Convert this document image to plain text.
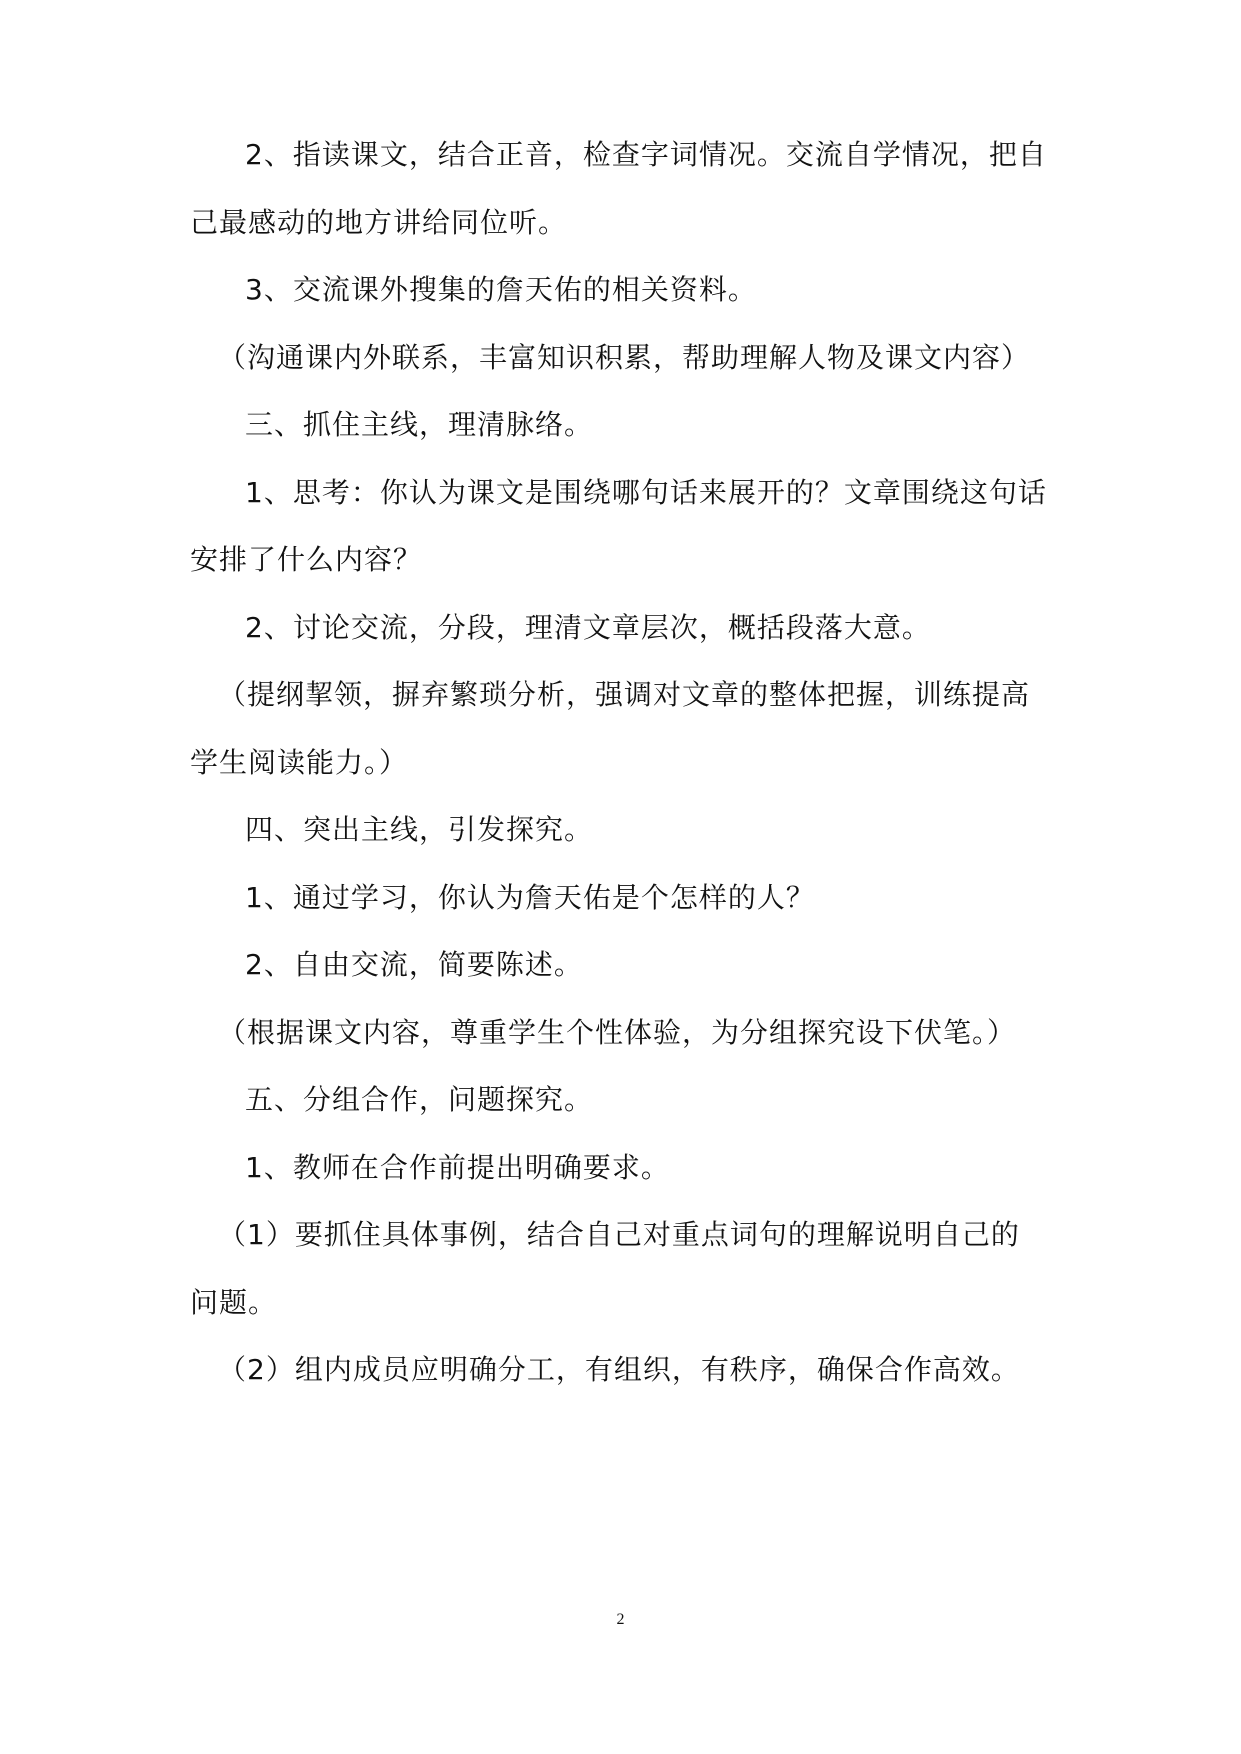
2、指读课文，结合正音，检查字词情况。交流自学情况，把自
己最感动的地方讲给同位听。
3、交流课外搜集的詹天佑的相关资料。
（沟通课内外联系，丰富知识积累，帮助理解人物及课文内容）
三、抓住主线，理清脉络。
1、思考：你认为课文是围绕哪句话来展开的？文章围绕这句话
安排了什么内容？
2、讨论交流，分段，理清文章层次，概括段落大意。
（提纲挈领，摒弃繁琐分析，强调对文章的整体把握，训练提高
学生阅读能力。）
四、突出主线，引发探究。
1、通过学习，你认为詹天佑是个怎样的人？
2、自由交流，简要陈述。
（根据课文内容，尊重学生个性体验，为分组探究设下伏笔。）
五、分组合作，问题探究。
1、教师在合作前提出明确要求。
（1）要抓住具体事例，结合自己对重点词句的理解说明自己的
问题。
（2）组内成员应明确分工，有组织，有秩序，确保合作高效。
2
